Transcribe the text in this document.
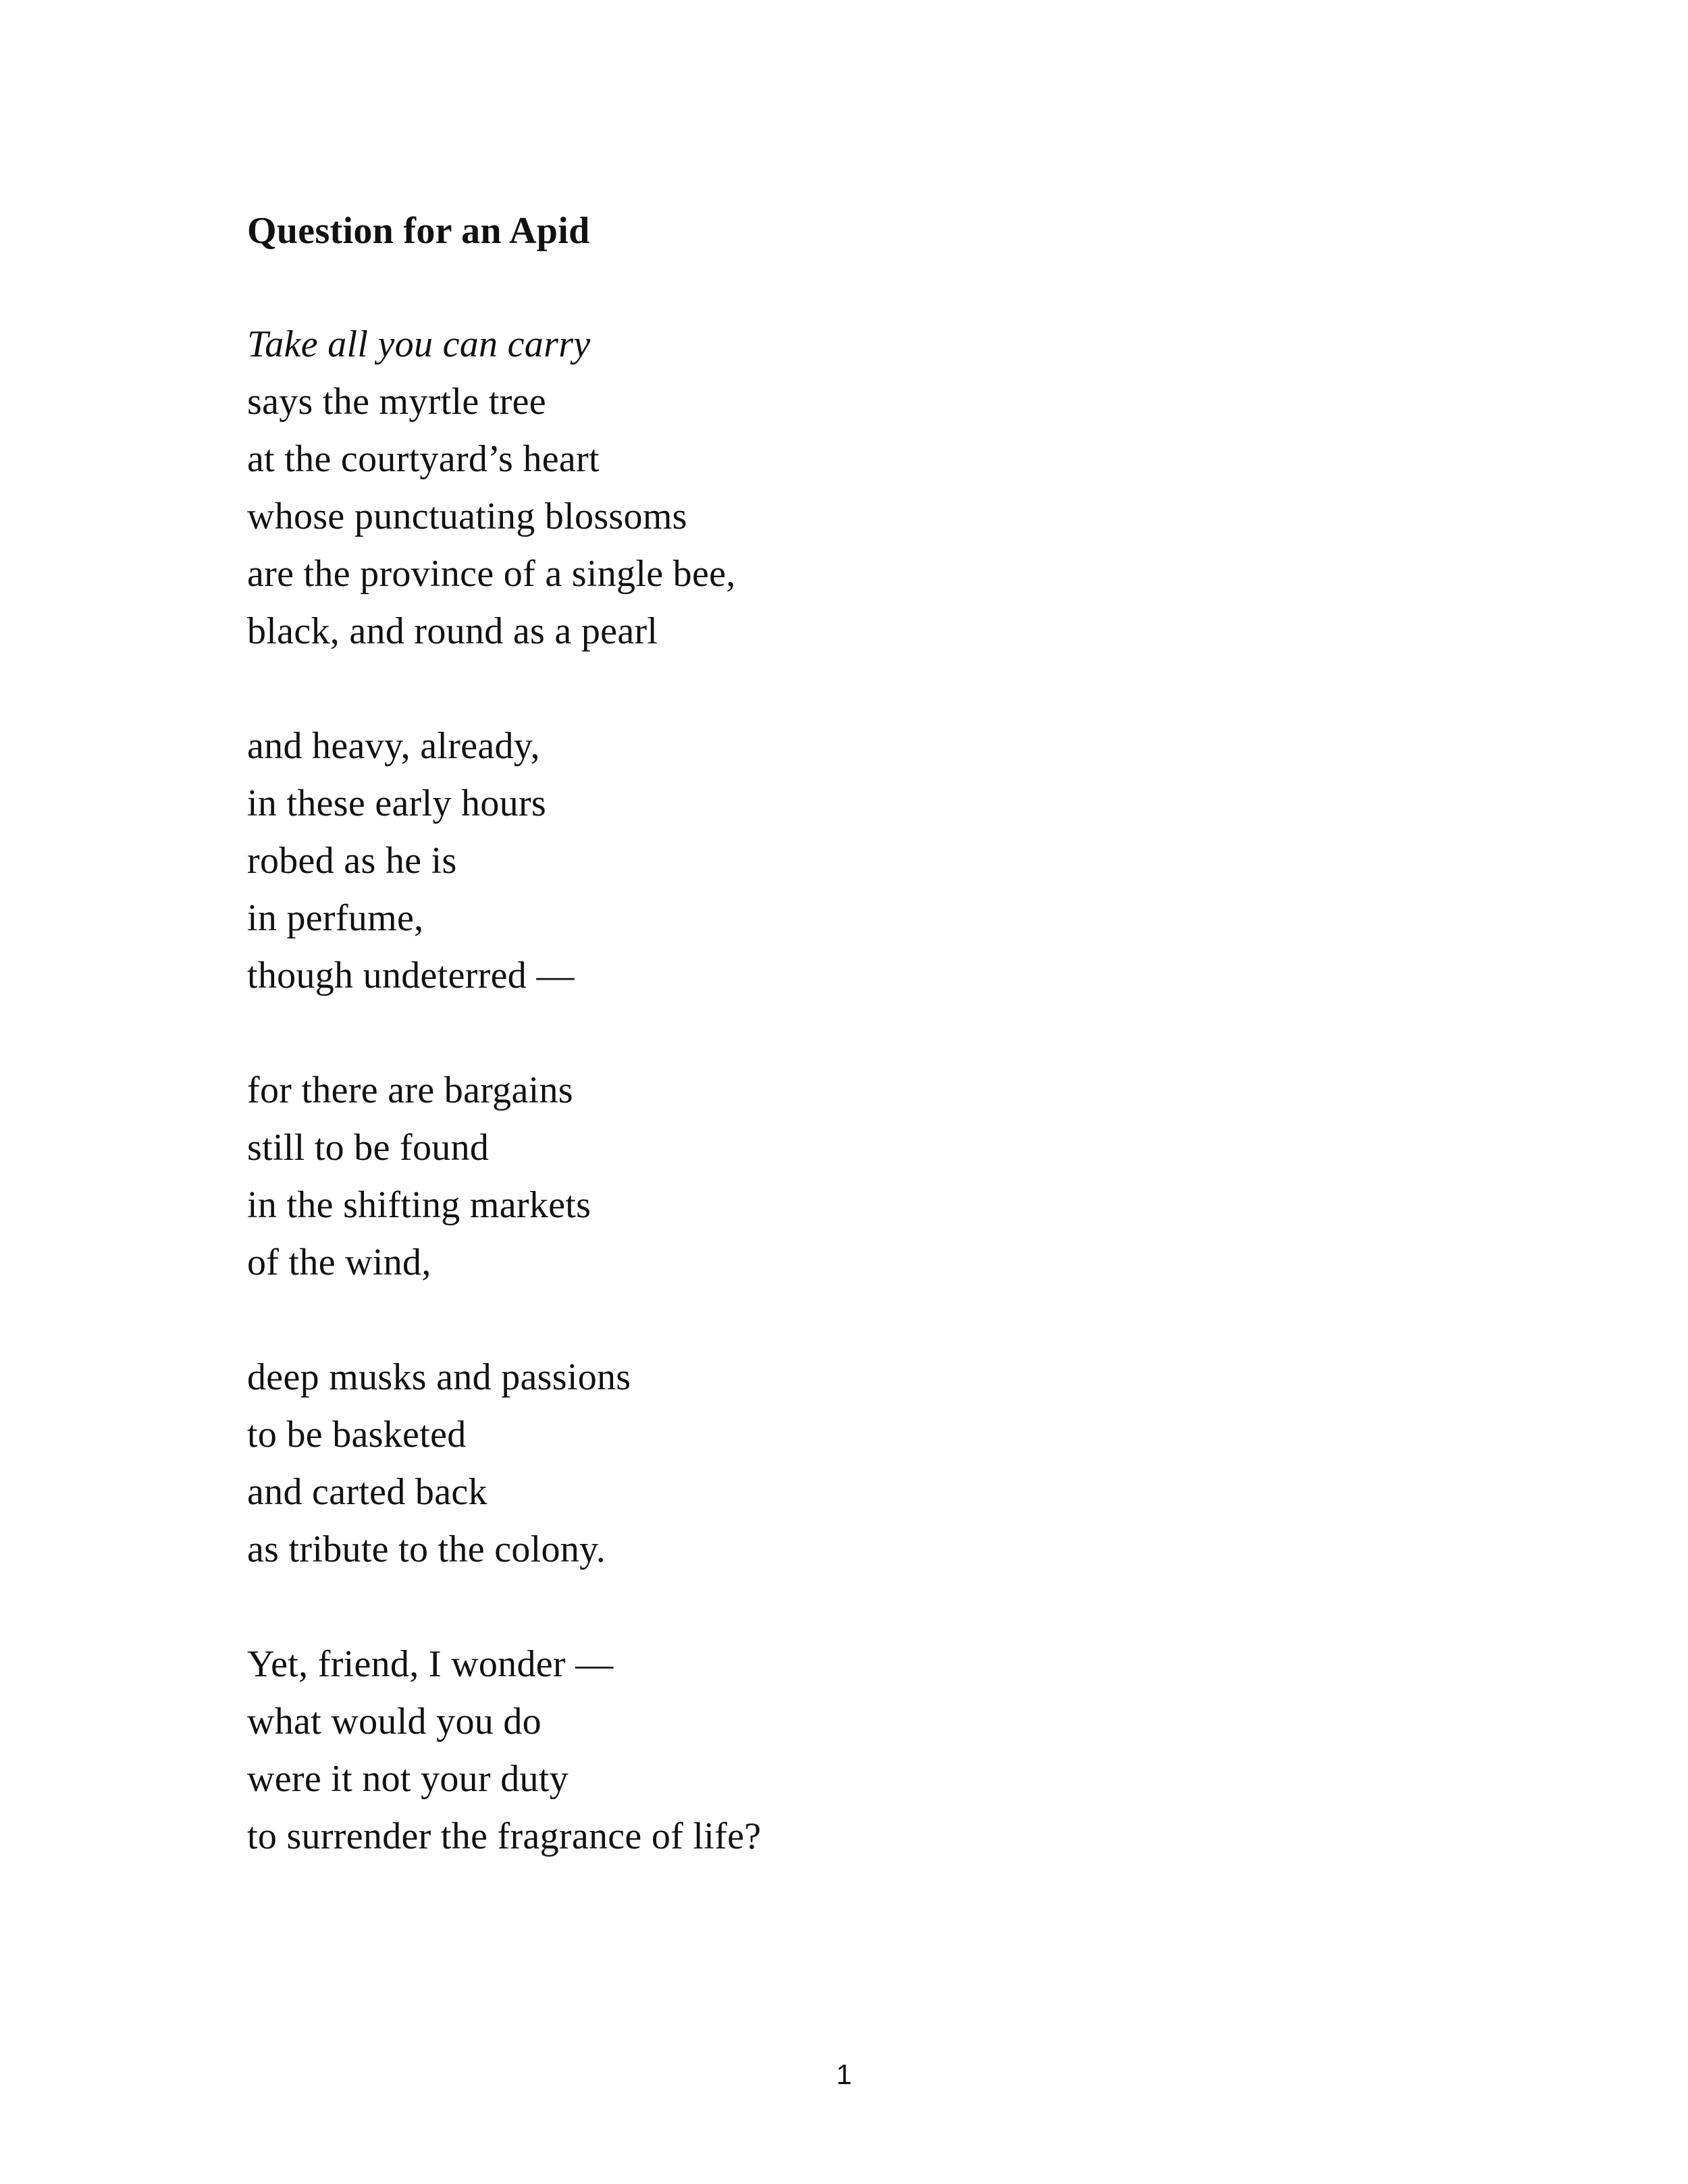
Question for an Apid
Take all you can carry
says the myrtle tree
at the courtyard’s heart
whose punctuating blossoms
are the province of a single bee,
black, and round as a pearl
and heavy, already,
in these early hours
robed as he is
in perfume,
though undeterred —
for there are bargains
still to be found
in the shifting markets
of the wind,
deep musks and passions
to be basketed
and carted back
as tribute to the colony.
Yet, friend, I wonder —
what would you do
were it not your duty
to surrender the fragrance of life?
1
